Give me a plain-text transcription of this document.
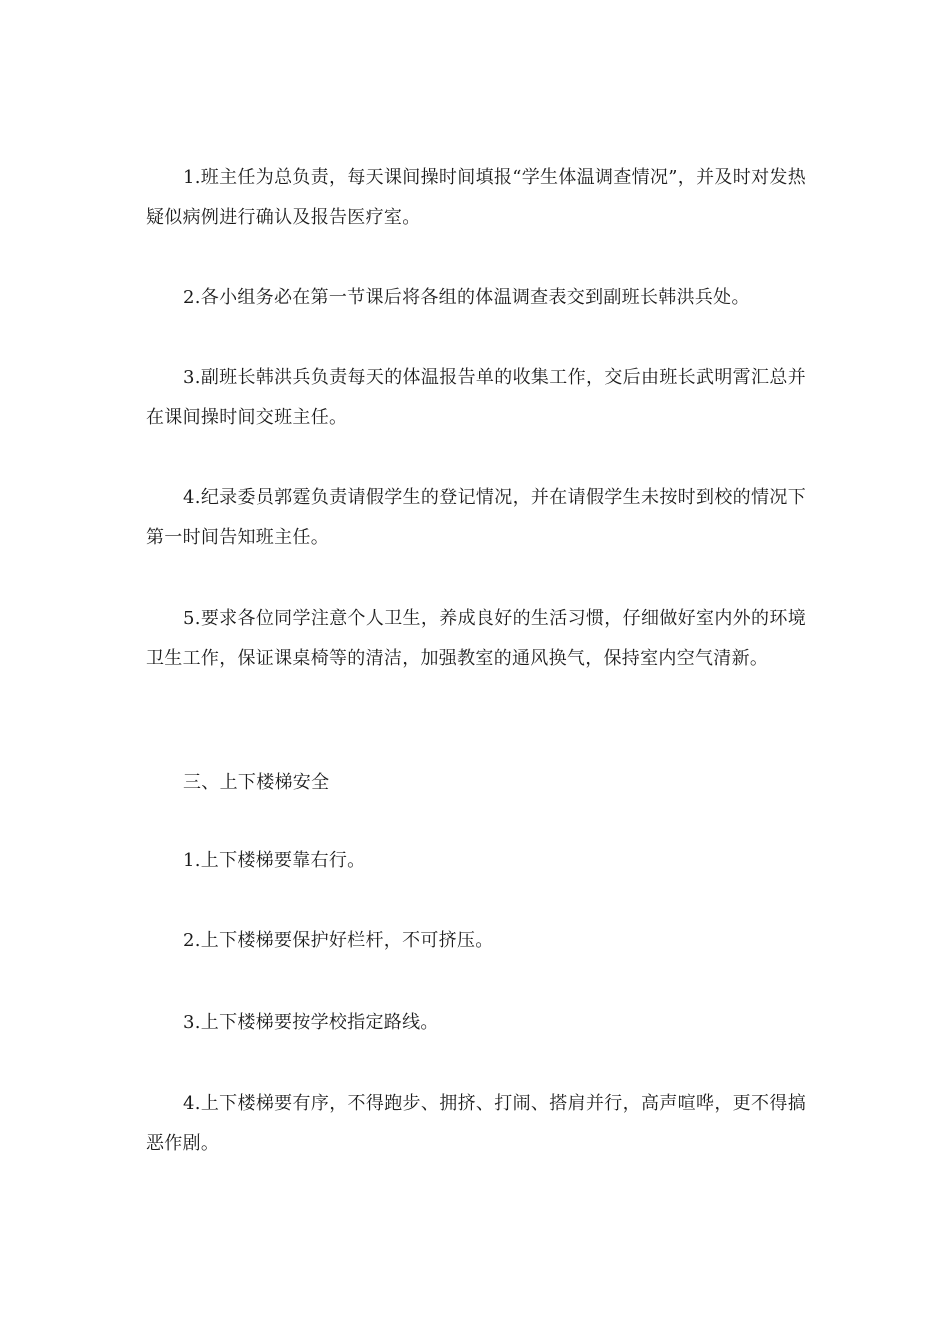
1.班主任为总负责，每天课间操时间填报“学生体温调查情况”，并及时对发热疑似病例进行确认及报告医疗室。

2.各小组务必在第一节课后将各组的体温调查表交到副班长韩洪兵处。

3.副班长韩洪兵负责每天的体温报告单的收集工作，交后由班长武明霄汇总并在课间操时间交班主任。

4.纪录委员郭霆负责请假学生的登记情况，并在请假学生未按时到校的情况下第一时间告知班主任。

5.要求各位同学注意个人卫生，养成良好的生活习惯，仔细做好室内外的环境卫生工作，保证课桌椅等的清洁，加强教室的通风换气，保持室内空气清新。

三、上下楼梯安全

1.上下楼梯要靠右行。

2.上下楼梯要保护好栏杆，不可挤压。

3.上下楼梯要按学校指定路线。

4.上下楼梯要有序，不得跑步、拥挤、打闹、搭肩并行，高声喧哗，更不得搞恶作剧。
